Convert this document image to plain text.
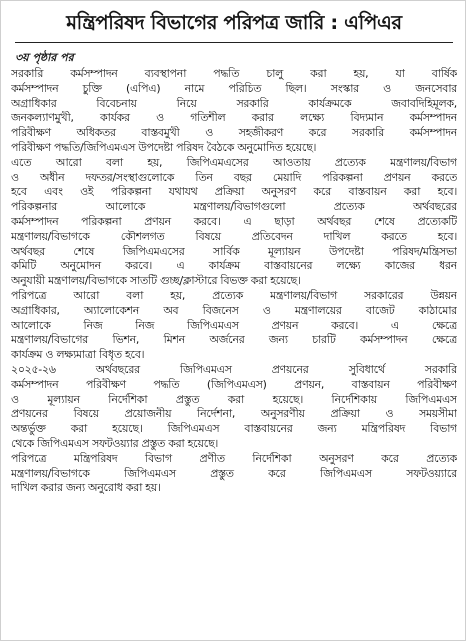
মন্ত্রিপরিষদ বিভাগের পরিপত্র জারি : এপিএর
৩য় পৃষ্ঠার পর
সরকারি কর্মসম্পাদন ব্যবস্থাপনা পদ্ধতি চালু করা হয়, যা বার্ষিক
কর্মসম্পাদন চুক্তি (এপিএ) নামে পরিচিত ছিল। সংস্কার ও জনসেবার
অগ্রাধিকার বিবেচনায় নিয়ে সরকারি কার্যক্রমকে জবাবদিহিমূলক,
জনকল্যাণমুখী, কার্যকর ও গতিশীল করার লক্ষ্যে বিদ্যমান কর্মসম্পাদন
পরিবীক্ষণ অধিকতর বাস্তবমুখী ও সহজীকরণ করে সরকারি কর্মসম্পাদন
পরিবীক্ষণ পদ্ধতি/জিপিএমএস উপদেষ্টা পরিষদ বৈঠকে অনুমোদিত হয়েছে।
এতে আরো বলা হয়, জিপিএমএসের আওতায় প্রত্যেক মন্ত্রণালয়/বিভাগ
ও অধীন দফতর/সংস্থাগুলোকে তিন বছর মেয়াদি পরিকল্পনা প্রণয়ন করতে
হবে এবং ওই পরিকল্পনা যথাযথ প্রক্রিয়া অনুসরণ করে বাস্তবায়ন করা হবে।
পরিকল্পনার আলোকে মন্ত্রণালয়/বিভাগগুলো প্রত্যেক অর্থবছরের
কর্মসম্পাদন পরিকল্পনা প্রণয়ন করবে। এ ছাড়া অর্থবছর শেষে প্রত্যেকটি
মন্ত্রণালয়/বিভাগকে কৌশলগত বিষয়ে প্রতিবেদন দাখিল করতে হবে।
অর্থবছর শেষে জিপিএমএসের সার্বিক মূল্যায়ন উপদেষ্টা পরিষদ/মন্ত্রিসভা
কমিটি অনুমোদন করবে। এ কার্যক্রম বাস্তবায়নের লক্ষ্যে কাজের ধরন
অনুযায়ী মন্ত্রণালয়/বিভাগকে সাতটি গুচ্ছ/ক্লাস্টারে বিভক্ত করা হয়েছে।
পরিপত্রে আরো বলা হয়, প্রত্যেক মন্ত্রণালয়/বিভাগ সরকারের উন্নয়ন
অগ্রাধিকার, অ্যালোকেশন অব বিজনেস ও মন্ত্রণালয়ের বাজেট কাঠামোর
আলোকে নিজ নিজ জিপিএমএস প্রণয়ন করবে। এ ক্ষেত্রে
মন্ত্রণালয়/বিভাগের ভিশন, মিশন অর্জনের জন্য চারটি কর্মসম্পাদন ক্ষেত্রে
কার্যক্রম ও লক্ষ্যমাত্রা বিধৃত হবে।
২০২৫-২৬ অর্থবছরের জিপিএমএস প্রণয়নের সুবিধার্থে সরকারি
কর্মসম্পাদন পরিবীক্ষণ পদ্ধতি (জিপিএমএস) প্রণয়ন, বাস্তবায়ন পরিবীক্ষণ
ও মূল্যায়ন নির্দেশিকা প্রস্তুত করা হয়েছে। নির্দেশিকায় জিপিএমএস
প্রণয়নের বিষয়ে প্রয়োজনীয় নির্দেশনা, অনুসরণীয় প্রক্রিয়া ও সময়সীমা
অন্তর্ভুক্ত করা হয়েছে। জিপিএমএস বাস্তবায়নের জন্য মন্ত্রিপরিষদ বিভাগ
থেকে জিপিএমএস সফটওয়্যার প্রস্তুত করা হয়েছে।
পরিপত্রে মন্ত্রিপরিষদ বিভাগ প্রণীত নির্দেশিকা অনুসরণ করে প্রত্যেক
মন্ত্রণালয়/বিভাগকে জিপিএমএস প্রস্তুত করে জিপিএমএস সফটওয়্যারে
দাখিল করার জন্য অনুরোধ করা হয়।
